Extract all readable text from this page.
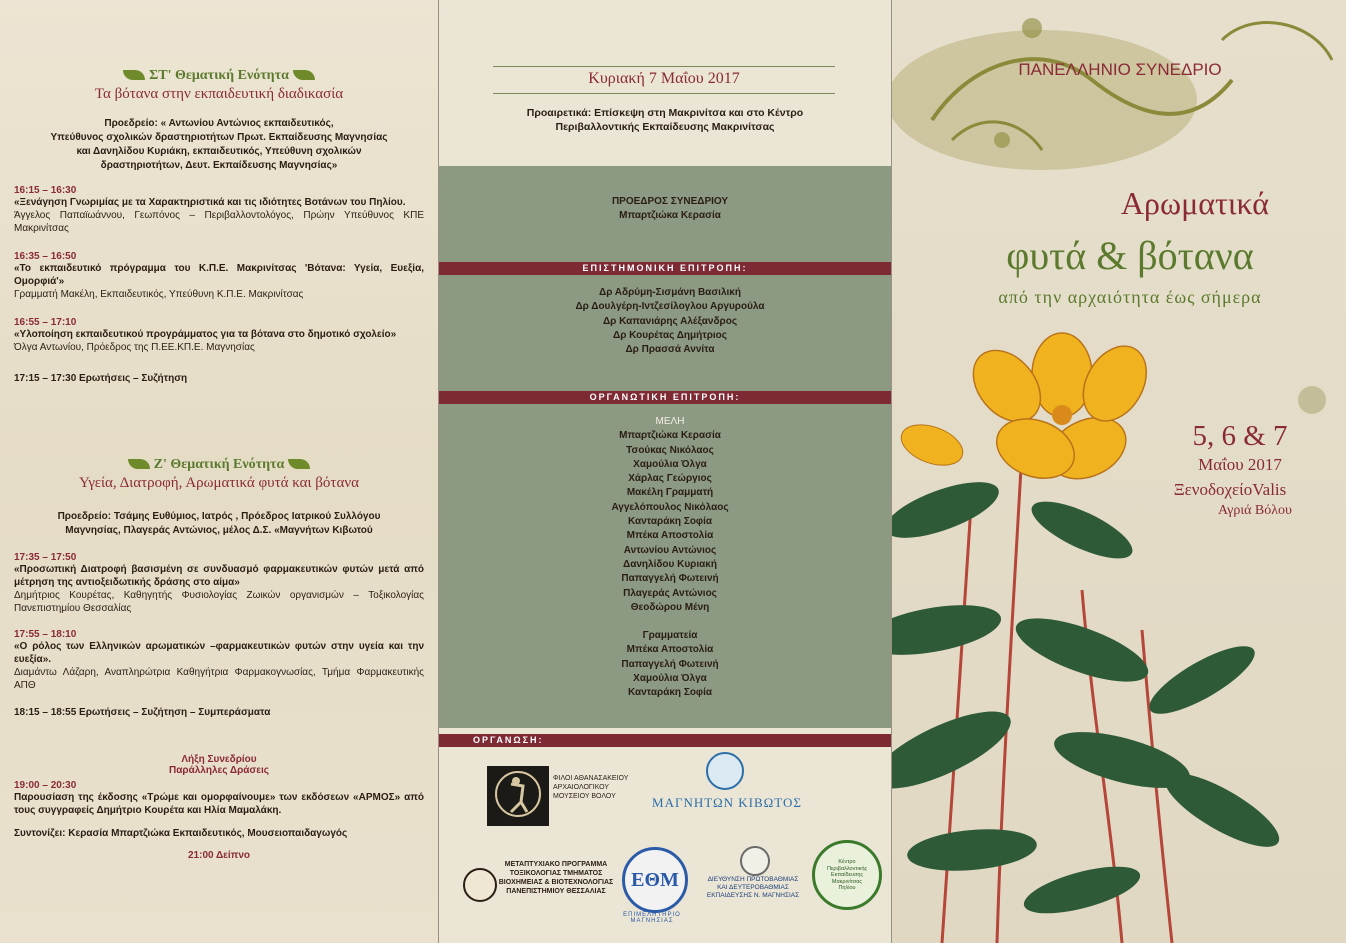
ΣΤ' Θεματική Ενότητα
Τα βότανα στην εκπαιδευτική διαδικασία
Προεδρείο: « Αντωνίου Αντώνιος εκπαιδευτικός,
Υπεύθυνος σχολικών δραστηριοτήτων Πρωτ. Εκπαίδευσης Μαγνησίας
και Δανηλίδου Κυριάκη, εκπαιδευτικός, Υπεύθυνη σχολικών
δραστηριοτήτων, Δευτ. Εκπαίδευσης Μαγνησίας»
16:15 – 16:30
«Ξενάγηση Γνωριμίας με τα Χαρακτηριστικά και τις ιδιότητες Βοτάνων του Πηλίου.
Άγγελος Παπαϊωάννου, Γεωπόνος – Περιβαλλοντολόγος, Πρώην Υπεύθυνος ΚΠΕ Μακρινίτσας
16:35 – 16:50
«Το εκπαιδευτικό πρόγραμμα του Κ.Π.Ε. Μακρινίτσας 'Βότανα: Υγεία, Ευεξία, Ομορφιά'»
Γραμματή Μακέλη, Εκπαιδευτικός, Υπεύθυνη Κ.Π.Ε. Μακρινίτσας
16:55 – 17:10
«Υλοποίηση εκπαιδευτικού προγράμματος για τα βότανα στο δημοτικό σχολείο»
Όλγα Αντωνίου, Πρόεδρος της Π.ΕΕ.ΚΠ.Ε. Μαγνησίας
17:15 – 17:30 Ερωτήσεις – Συζήτηση
Ζ' Θεματική Ενότητα
Υγεία, Διατροφή, Αρωματικά φυτά και βότανα
Προεδρείο: Τσάμης Ευθύμιος, Ιατρός , Πρόεδρος Ιατρικού Συλλόγου
Μαγνησίας, Πλαγεράς Αντώνιος, μέλος Δ.Σ. «Μαγνήτων Κιβωτού
17:35 – 17:50
«Προσωπική Διατροφή βασισμένη σε συνδυασμό φαρμακευτικών φυτών μετά από μέτρηση της αντιοξειδωτικής δράσης στο αίμα»
Δημήτριος Κουρέτας, Καθηγητής Φυσιολογίας Ζωικών οργανισμών – Τοξικολογίας Πανεπιστημίου Θεσσαλίας
17:55 – 18:10
«Ο ρόλος των Ελληνικών αρωματικών –φαρμακευτικών φυτών στην υγεία και την ευεξία».
Διαμάντω Λάζαρη, Αναπληρώτρια Καθηγήτρια Φαρμακογνωσίας, Τμήμα Φαρμακευτικής ΑΠΘ
18:15 – 18:55 Ερωτήσεις – Συζήτηση – Συμπεράσματα
Λήξη Συνεδρίου
Παράλληλες Δράσεις
19:00 – 20:30
Παρουσίαση της έκδοσης «Τρώμε και ομορφαίνουμε» των εκδόσεων «ΑΡΜΟΣ» από τους συγγραφείς Δημήτριο Κουρέτα και Ηλία Μαμαλάκη.
Συντονίζει: Κερασία Μπαρτζιώκα Εκπαιδευτικός, Μουσειοπαιδαγωγός
21:00 Δείπνο
Κυριακή 7 Μαΐου 2017
Προαιρετικά: Επίσκεψη στη Μακρινίτσα και στο Κέντρο
Περιβαλλοντικής Εκπαίδευσης Μακρινίτσας
ΠΡΟΕΔΡΟΣ ΣΥΝΕΔΡΙΟΥ
Μπαρτζιώκα Κερασία
ΕΠΙΣΤΗΜΟΝΙΚΗ ΕΠΙΤΡΟΠΗ:
Δρ Αδρύμη-Σισμάνη Βασιλική
Δρ Δουλγέρη-Ιντζεσίλογλου Αργυρούλα
Δρ Καπανιάρης Αλέξανδρος
Δρ Κουρέτας Δημήτριος
Δρ Πρασσά Αννίτα
ΟΡΓΑΝΩΤΙΚΗ ΕΠΙΤΡΟΠΗ:
ΜΕΛΗ
Μπαρτζιώκα Κερασία
Τσούκας Νικόλαος
Χαμούλια Όλγα
Χάρλας Γεώργιος
Μακέλη Γραμματή
Αγγελόπουλος Νικόλαος
Κανταράκη Σοφία
Μπέκα Αποστολία
Αντωνίου Αντώνιος
Δανηλίδου Κυριακή
Παπαγγελή Φωτεινή
Πλαγεράς Αντώνιος
Θεοδώρου Μένη
Γραμματεία
Μπέκα Αποστολία
Παπαγγελή Φωτεινή
Χαμούλια Όλγα
Κανταράκη Σοφία
ΟΡΓΑΝΩΣΗ:
ΦΙΛΟΙ ΑΘΑΝΑΣΑΚΕΙΟΥ ΑΡΧΑΙΟΛΟΓΙΚΟΥ ΜΟΥΣΕΙΟΥ ΒΟΛΟΥ	ΜΑΓΝΗΤΩΝ ΚΙΒΩΤΟΣ
ΜΕΤΑΠΤΥΧΙΑΚΟ ΠΡΟΓΡΑΜΜΑ ΤΟΞΙΚΟΛΟΓΙΑΣ ΤΜΗΜΑΤΟΣ ΒΙΟΧΗΜΕΙΑΣ & ΒΙΟΤΕΧΝΟΛΟΓΙΑΣ ΠΑΝΕΠΙΣΤΗΜΙΟΥ ΘΕΣΣΑΛΙΑΣ
ΕΘΜ
ΕΠΙΜΕΛΗΤΗΡΙΟ ΜΑΓΝΗΣΙΑΣ
ΔΙΕΥΘΥΝΣΗ ΠΡΩΤΟΒΑΘΜΙΑΣ ΚΑΙ ΔΕΥΤΕΡΟΒΑΘΜΙΑΣ ΕΚΠΑΙΔΕΥΣΗΣ Ν. ΜΑΓΝΗΣΙΑΣ
Κέντρο Περιβαλλοντικής Εκπαίδευσης Μακρινίτσας Πηλίου
ΠΑΝΕΛΛΗΝΙΟ ΣΥΝΕΔΡΙΟ
Αρωματικά
φυτά & βότανα
από την αρχαιότητα έως σήμερα
5, 6 & 7
Μαΐου 2017
ΞενοδοχείοValis
Αγριά Βόλου
